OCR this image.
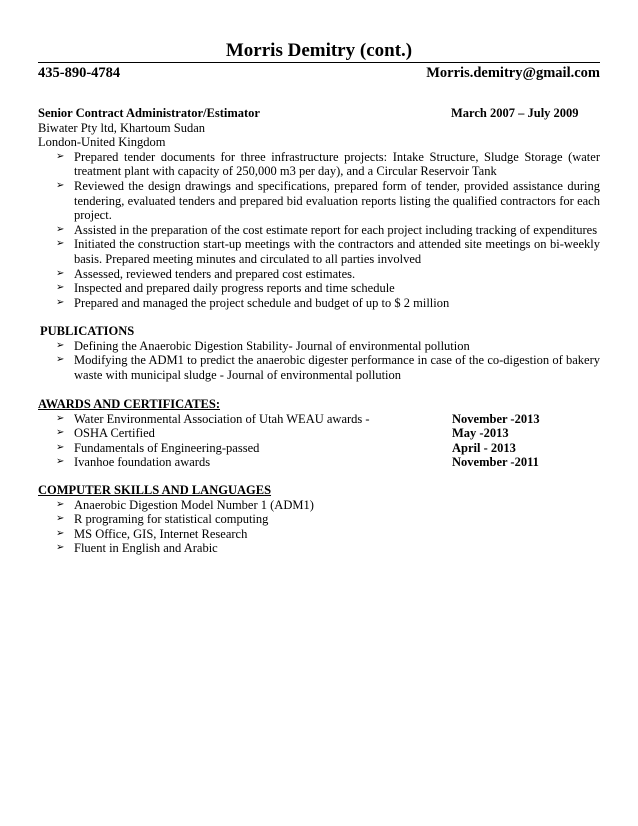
Morris Demitry (cont.)
435-890-4784	Morris.demitry@gmail.com
Senior Contract Administrator/Estimator	March 2007 – July 2009
Biwater Pty ltd, Khartoum Sudan
London-United Kingdom
➢ Prepared tender documents for three infrastructure projects: Intake Structure, Sludge Storage (water treatment plant with capacity of 250,000 m3 per day), and a Circular Reservoir Tank
➢ Reviewed the design drawings and specifications, prepared form of tender, provided assistance during tendering, evaluated tenders and prepared bid evaluation reports listing the qualified contractors for each project.
➢ Assisted in the preparation of the cost estimate report for each project including tracking of expenditures
➢ Initiated the construction start-up meetings with the contractors and attended site meetings on bi-weekly basis. Prepared meeting minutes and circulated to all parties involved
➢ Assessed, reviewed tenders and prepared cost estimates.
➢ Inspected and prepared daily progress reports and time schedule
➢ Prepared and managed the project schedule and budget of up to $ 2 million
PUBLICATIONS
➢ Defining the Anaerobic Digestion Stability- Journal of environmental pollution
➢ Modifying the ADM1 to predict the anaerobic digester performance in case of the co-digestion of bakery waste with municipal sludge - Journal of environmental pollution
AWARDS AND CERTIFICATES:
➢ Water Environmental Association of Utah WEAU awards -	November -2013
➢ OSHA Certified	May -2013
➢ Fundamentals of Engineering-passed	April - 2013
➢ Ivanhoe foundation awards	November -2011
COMPUTER SKILLS AND LANGUAGES
➢ Anaerobic Digestion Model Number 1 (ADM1)
➢ R programing for statistical computing
➢ MS Office, GIS, Internet Research
➢ Fluent in English and Arabic
